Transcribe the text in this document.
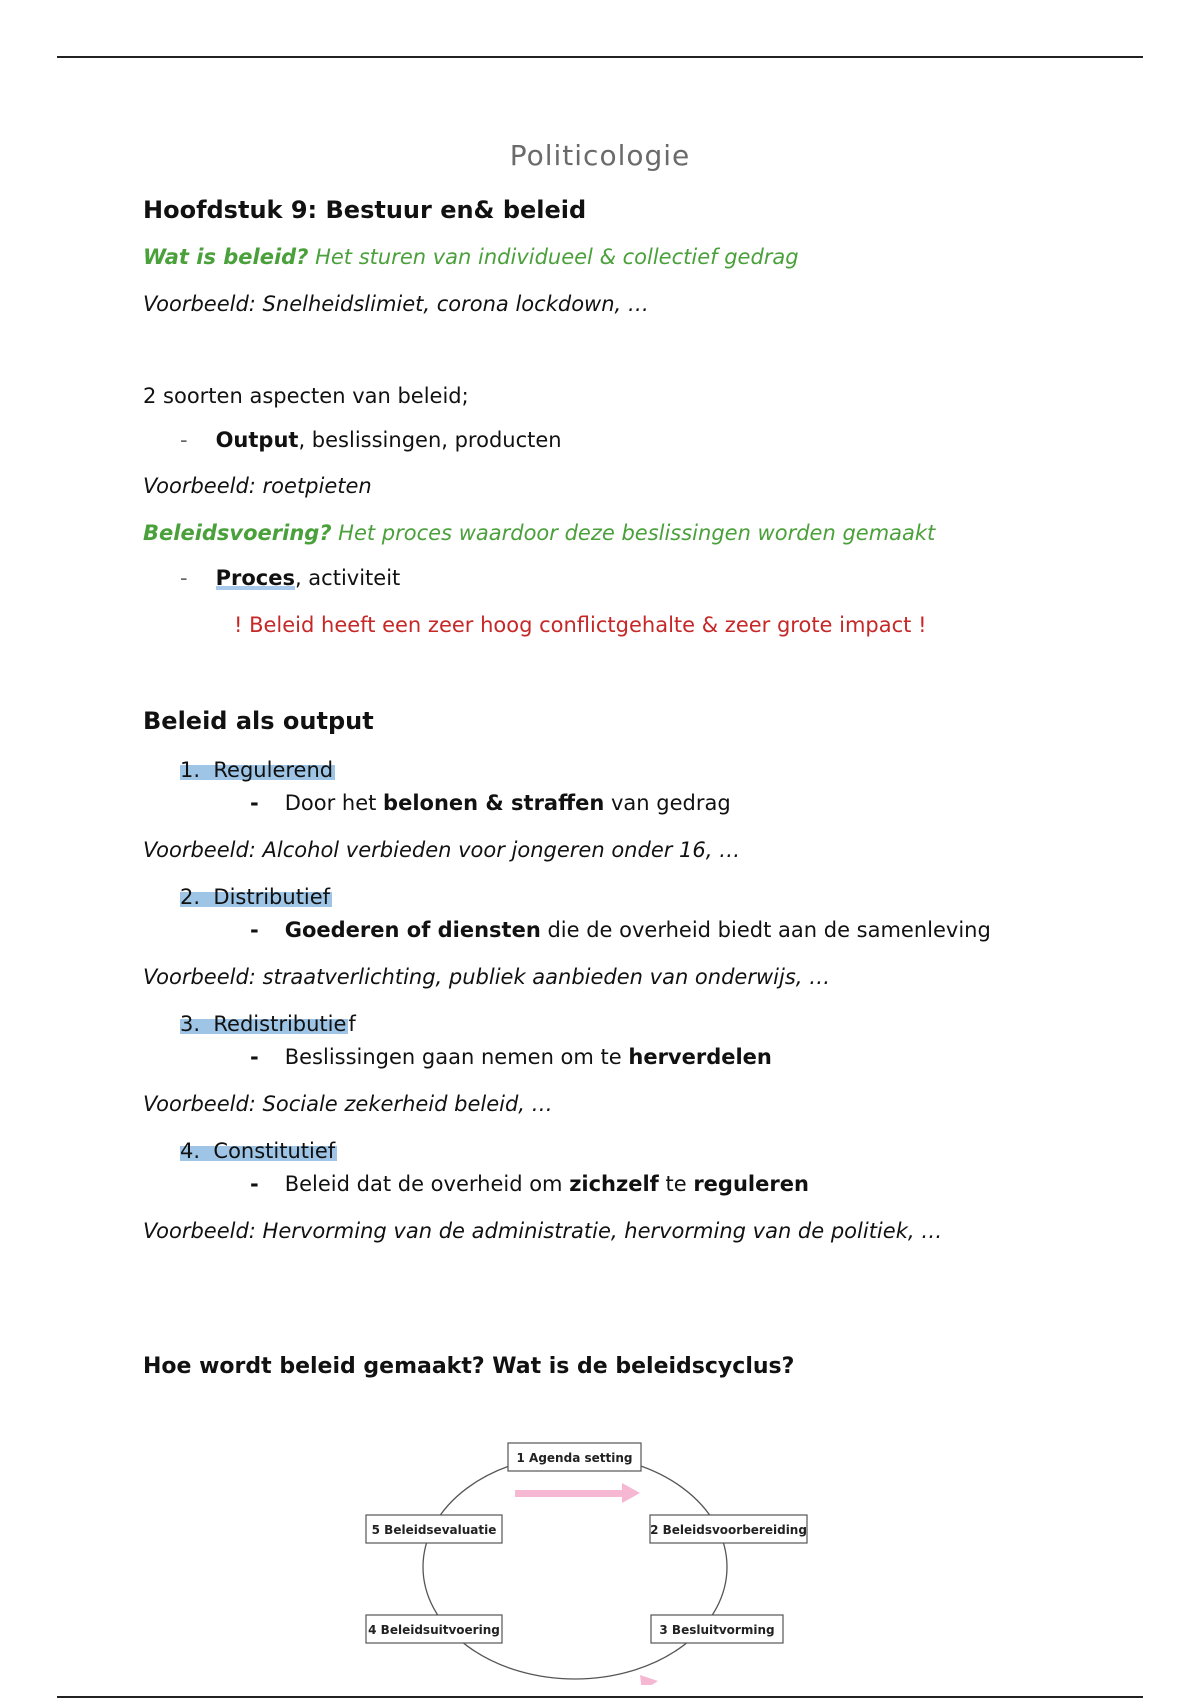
Politicologie
Hoofdstuk 9: Bestuur en& beleid
Wat is beleid? Het sturen van individueel & collectief gedrag
Voorbeeld: Snelheidslimiet, corona lockdown, …
2 soorten aspecten van beleid;
- Output, beslissingen, producten
Voorbeeld: roetpieten
Beleidsvoering? Het proces waardoor deze beslissingen worden gemaakt
- Proces, activiteit
! Beleid heeft een zeer hoog conflictgehalte & zeer grote impact !
Beleid als output
1. Regulerend
- Door het belonen & straffen van gedrag
Voorbeeld: Alcohol verbieden voor jongeren onder 16, …
2. Distributief
- Goederen of diensten die de overheid biedt aan de samenleving
Voorbeeld: straatverlichting, publiek aanbieden van onderwijs, …
3. Redistributief
- Beslissingen gaan nemen om te herverdelen
Voorbeeld: Sociale zekerheid beleid, …
4. Constitutief
- Beleid dat de overheid om zichzelf te reguleren
Voorbeeld: Hervorming van de administratie, hervorming van de politiek, …
Hoe wordt beleid gemaakt? Wat is de beleidscyclus?
1 Agenda setting
2 Beleidsvoorbereiding
3 Besluitvorming
4 Beleidsuitvoering
5 Beleidsevaluatie
